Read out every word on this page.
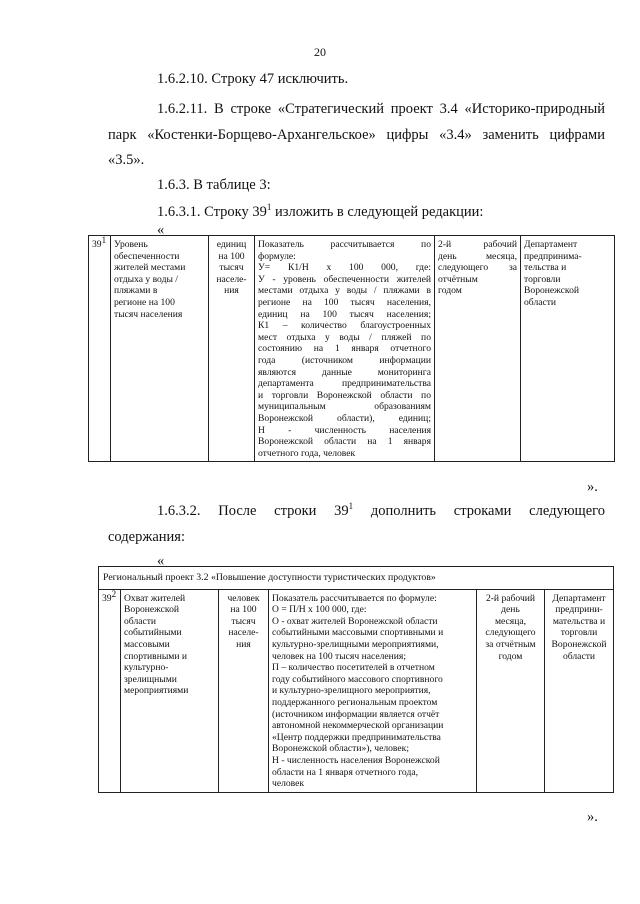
20
1.6.2.10. Строку 47 исключить.
1.6.2.11. В строке «Стратегический проект 3.4 «Историко-природный
парк «Костенки-Борщево-Архангельское» цифры «3.4» заменить цифрами
«3.5».
1.6.3. В таблице 3:
1.6.3.1. Строку $39^1$ изложить в следующей редакции:
«
$39^1$	Уровень
обеспеченности
жителей местами
отдыха у воды /
пляжами в
регионе на 100
тысяч населения

единиц
на 100
тысяч
населе-
ния

Показатель рассчитывается по
формуле:
У= К1/Н х 100 000, где:
У - уровень обеспеченности жителей
местами отдыха у воды / пляжами в
регионе на 100 тысяч населения,
единиц на 100 тысяч населения;
К1 – количество благоустроенных
мест отдыха у воды / пляжей по
состоянию на 1 января отчетного
года (источником информации
являются данные мониторинга
департамента предпринимательства
и торговли Воронежской области по
муниципальным образованиям
Воронежской области), единиц;
Н - численность населения
Воронежской области на 1 января
отчетного года, человек

2-й рабочий
день месяца,
следующего за
отчётным
годом

Департамент
предпринима-
тельства и
торговли
Воронежской
области
».
1.6.3.2. После строки $39^1$ дополнить строками следующего
содержания:
«
Региональный проект 3.2 «Повышение доступности туристических продуктов»
$39^2$	Охват жителей
Воронежской
области
событийными
массовыми
спортивными и
культурно-
зрелищными
мероприятиями

человек
на 100
тысяч
населе-
ния

Показатель рассчитывается по формуле:
О = П/Н х 100 000, где:
О - охват жителей Воронежской области
событийными массовыми спортивными и
культурно-зрелищными мероприятиями,
человек на 100 тысяч населения;
П – количество посетителей в отчетном
году событийного массового спортивного
и культурно-зрелищного мероприятия,
поддержанного региональным проектом
(источником информации является отчёт
автономной некоммерческой организации
«Центр поддержки предпринимательства
Воронежской области»), человек;
Н - численность населения Воронежской
области на 1 января отчетного года,
человек

2-й рабочий
день
месяца,
следующего
за отчётным
годом

Департамент
предприни-
мательства и
торговли
Воронежской
области
».
